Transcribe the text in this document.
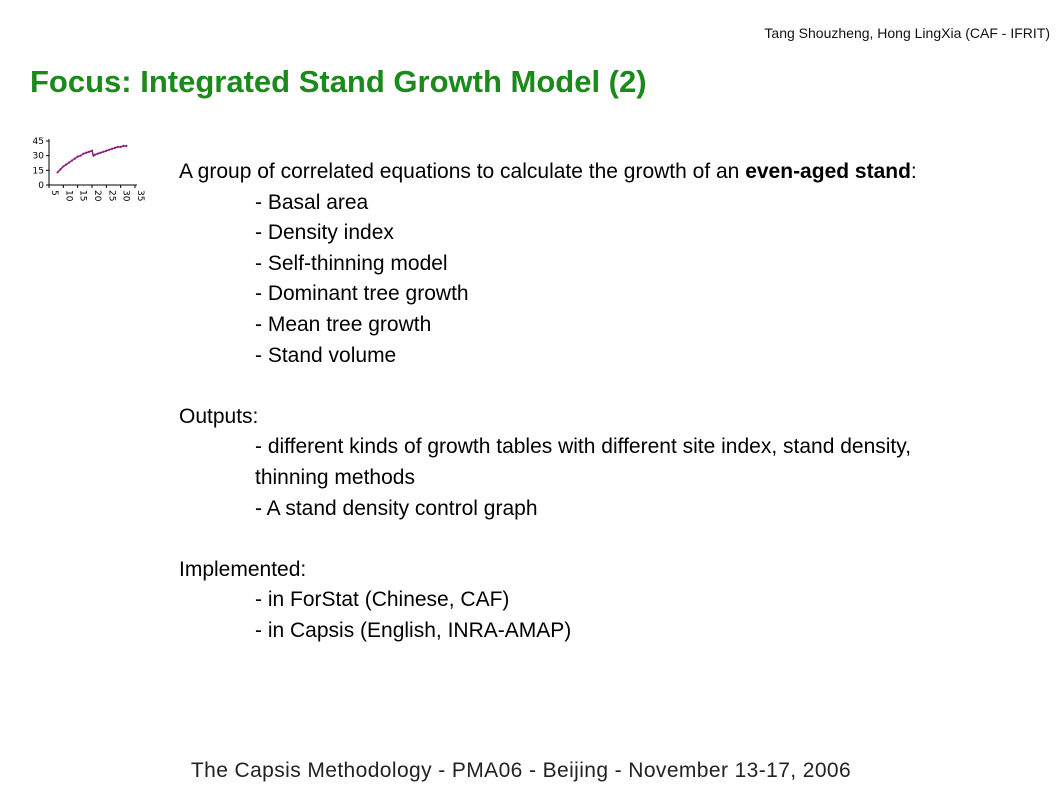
Tang Shouzheng, Hong LingXia (CAF - IFRIT)
Focus: Integrated Stand Growth Model (2)
45
30
15
0
5 10 15 20 25 30 35

A group of correlated equations to calculate the growth of an even-aged stand:

- Basal area

- Density index

- Self-thinning model

- Dominant tree growth

- Mean tree growth

- Stand volume

Outputs:

- different kinds of growth tables with different site index, stand density, thinning methods

- A stand density control graph

Implemented:

- in ForStat (Chinese, CAF)

- in Capsis (English, INRA-AMAP)

The Capsis Methodology - PMA06 - Beijing - November 13-17, 2006
